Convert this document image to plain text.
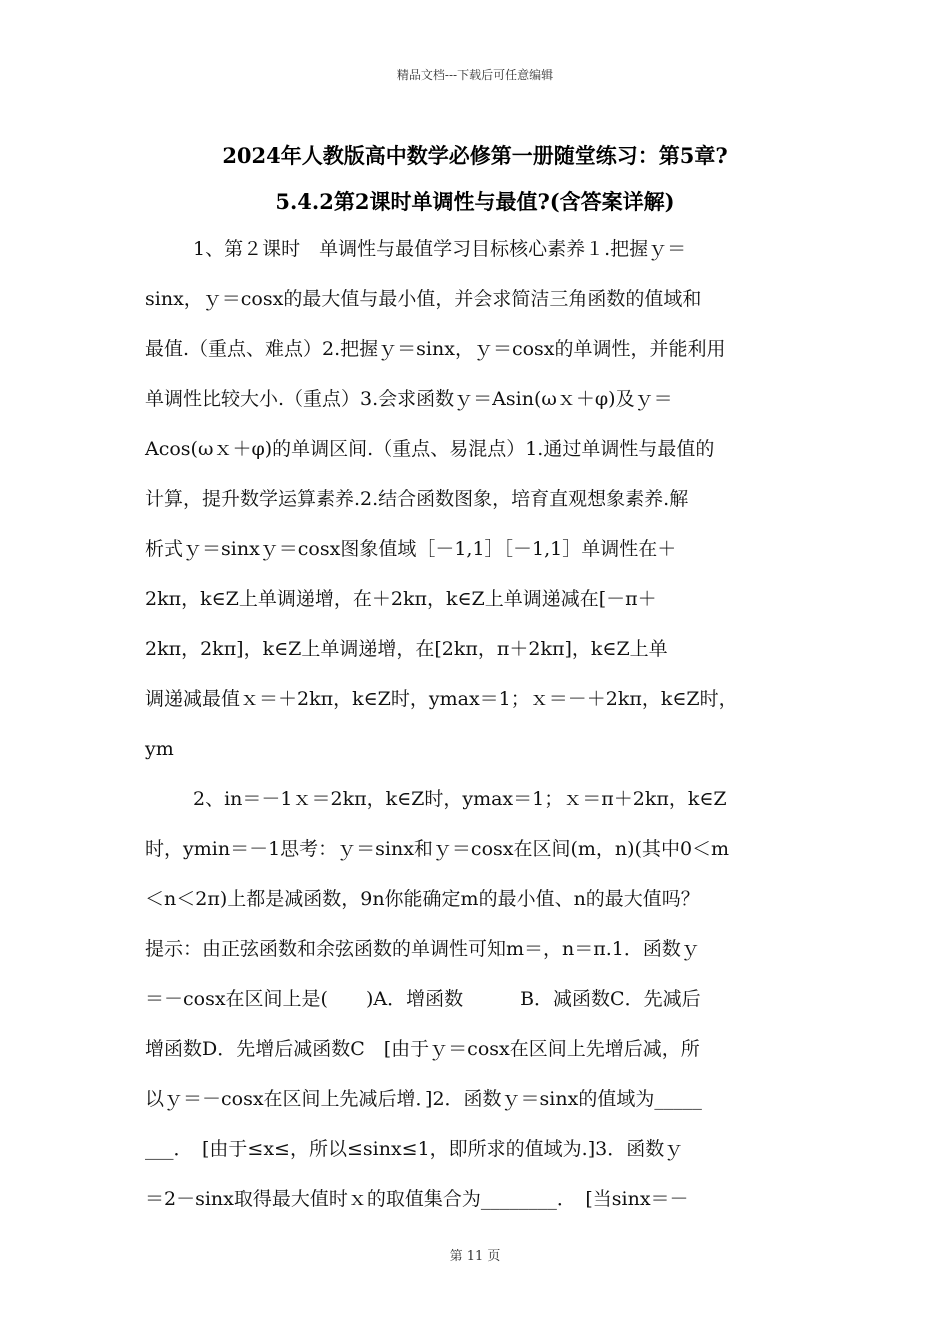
精品文档---下载后可任意编辑
2024年人教版高中数学必修第一册随堂练习：第5章?
5.4.2第2课时单调性与最值?(含答案详解)
1、第２课时　单调性与最值学习目标核心素养１.把握ｙ＝
sinx，ｙ＝cosx的最大值与最小值，并会求简洁三角函数的值域和
最值.（重点、难点）2.把握ｙ＝sinx，ｙ＝cosx的单调性，并能利用
单调性比较大小.（重点）3.会求函数ｙ＝Asin(ωｘ＋φ)及ｙ＝
Acos(ωｘ＋φ)的单调区间.（重点、易混点）1.通过单调性与最值的
计算，提升数学运算素养.2.结合函数图象，培育直观想象素养.解
析式ｙ＝sinxｙ＝cosx图象值域［－1,1］［－1,1］单调性在＋
2kπ，k∈Z上单调递增，在＋2kπ，k∈Z上单调递减在[－π＋
2kπ，2kπ]，k∈Z上单调递增，在[2kπ，π＋2kπ]，k∈Z上单
调递减最值ｘ＝＋2kπ，k∈Z时，ymax＝1；ｘ＝－＋2kπ，k∈Z时，
ym
2、in＝－1ｘ＝2kπ，k∈Z时，ymax＝1；ｘ＝π＋2kπ，k∈Z
时，ymin＝－1思考：ｙ＝sinx和ｙ＝cosx在区间(m，n)(其中0＜m
＜n＜2π)上都是减函数，9n你能确定m的最小值、n的最大值吗？
提示：由正弦函数和余弦函数的单调性可知m＝，n＝π.1．函数ｙ
＝－cosx在区间上是(　　)A．增函数　　　B．减函数C．先减后
增函数D．先增后减函数C　[由于ｙ＝cosx在区间上先增后减，所
以ｙ＝－cosx在区间上先减后增．]2．函数ｙ＝sinx的值域为_____
___．　[由于≤x≤，所以≤sinx≤1，即所求的值域为.]3．函数ｙ
＝2－sinx取得最大值时ｘ的取值集合为________．　[当sinx＝－
第 11 页
